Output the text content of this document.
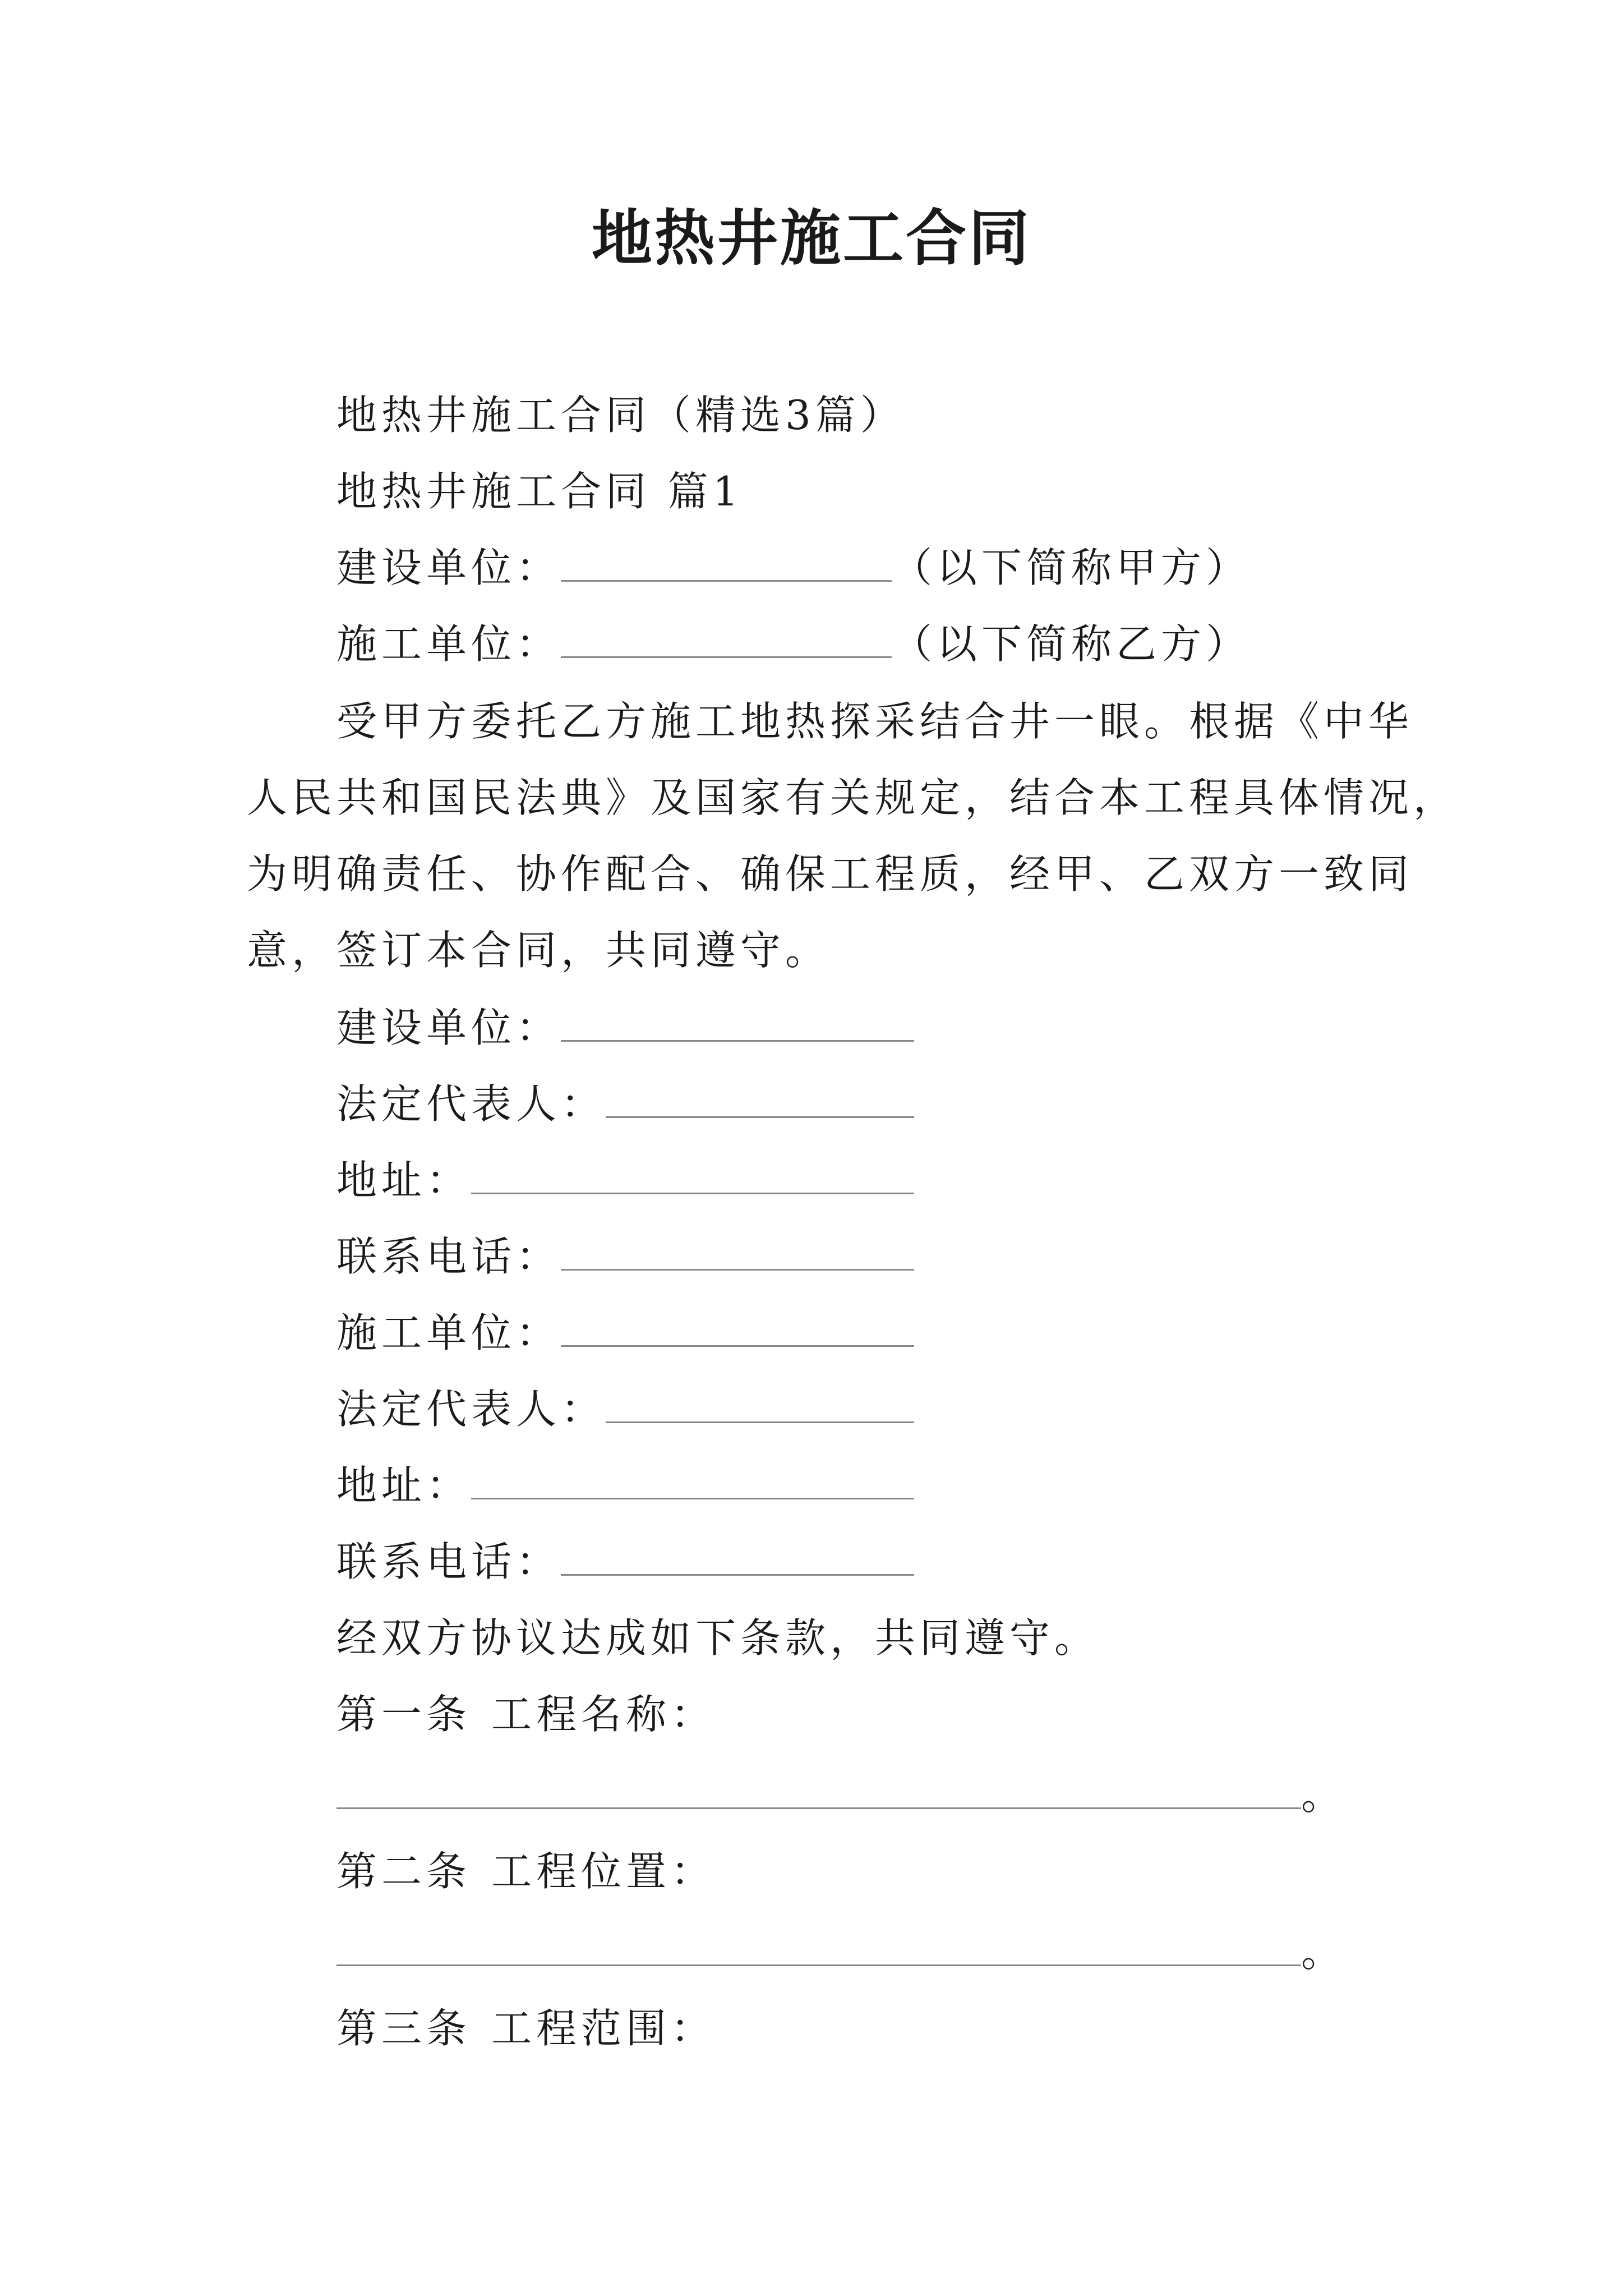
地热井施工合同
地热井施工合同（精选3篇）
地热井施工合同 篇1
建设单位：	（以下简称甲方）
施工单位：	（以下简称乙方）
受甲方委托乙方施工地热探采结合井一眼。根据《中华
人民共和国民法典》及国家有关规定，结合本工程具体情况，
为明确责任、协作配合、确保工程质，经甲、乙双方一致同
意，签订本合同，共同遵守。
建设单位：
法定代表人：
地址：
联系电话：
施工单位：
法定代表人：
地址：
联系电话：
经双方协议达成如下条款，共同遵守。
第一条 工程名称：
。
第二条 工程位置：
。
第三条 工程范围：
